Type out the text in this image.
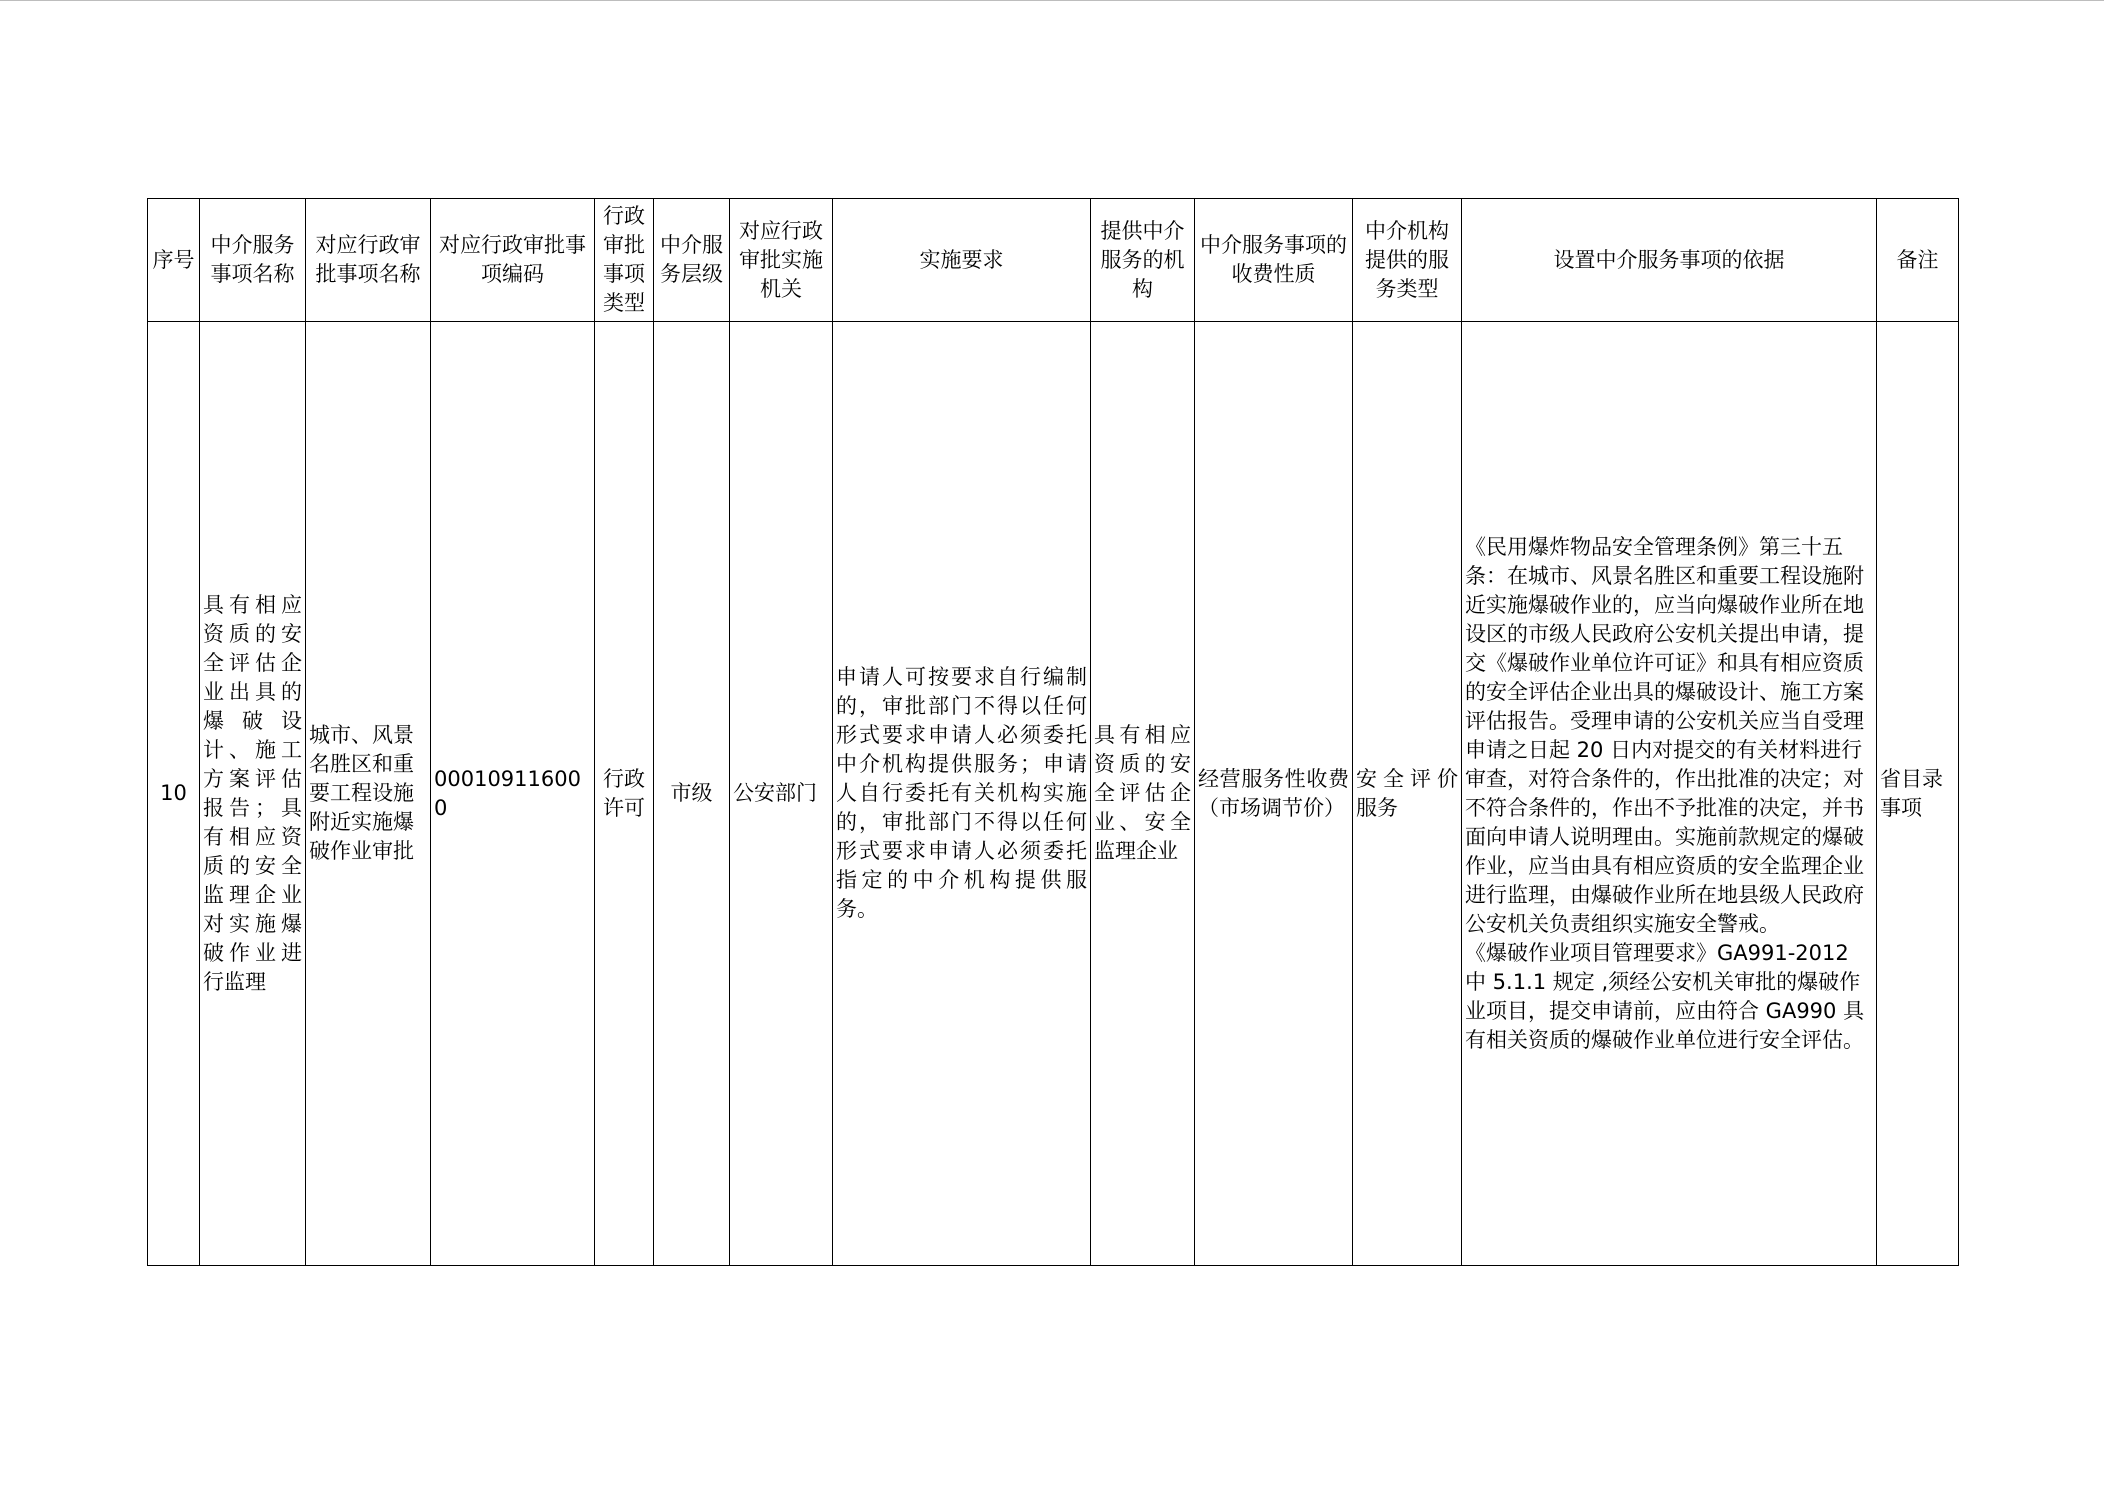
序号	中介服务事项名称	对应行政审批事项名称	对应行政审批事项编码	行政审批事项类型	中介服务层级	对应行政审批实施机关	实施要求	提供中介服务的机构	中介服务事项的收费性质	中介机构提供的服务类型	设置中介服务事项的依据	备注
10	具有相应资质的安全评估企业出具的爆破设计、施工方案评估报告；具有相应资质的安全监理企业对实施爆破作业进行监理	城市、风景名胜区和重要工程设施附近实施爆破作业审批	000109116000	行政许可	市级	公安部门	申请人可按要求自行编制的，审批部门不得以任何形式要求申请人必须委托中介机构提供服务；申请人自行委托有关机构实施的，审批部门不得以任何形式要求申请人必须委托指定的中介机构提供服务。	具有相应资质的安全评估企业、安全监理企业	经营服务性收费（市场调节价）	安全评价服务	《民用爆炸物品安全管理条例》第三十五条：在城市、风景名胜区和重要工程设施附近实施爆破作业的，应当向爆破作业所在地设区的市级人民政府公安机关提出申请，提交《爆破作业单位许可证》和具有相应资质的安全评估企业出具的爆破设计、施工方案评估报告。受理申请的公安机关应当自受理申请之日起 20 日内对提交的有关材料进行审查，对符合条件的，作出批准的决定；对不符合条件的，作出不予批准的决定，并书面向申请人说明理由。实施前款规定的爆破作业，应当由具有相应资质的安全监理企业进行监理，由爆破作业所在地县级人民政府公安机关负责组织实施安全警戒。
《爆破作业项目管理要求》GA991-2012 中 5.1.1 规定 ,须经公安机关审批的爆破作业项目，提交申请前，应由符合 GA990 具有相关资质的爆破作业单位进行安全评估。	省目录事项
